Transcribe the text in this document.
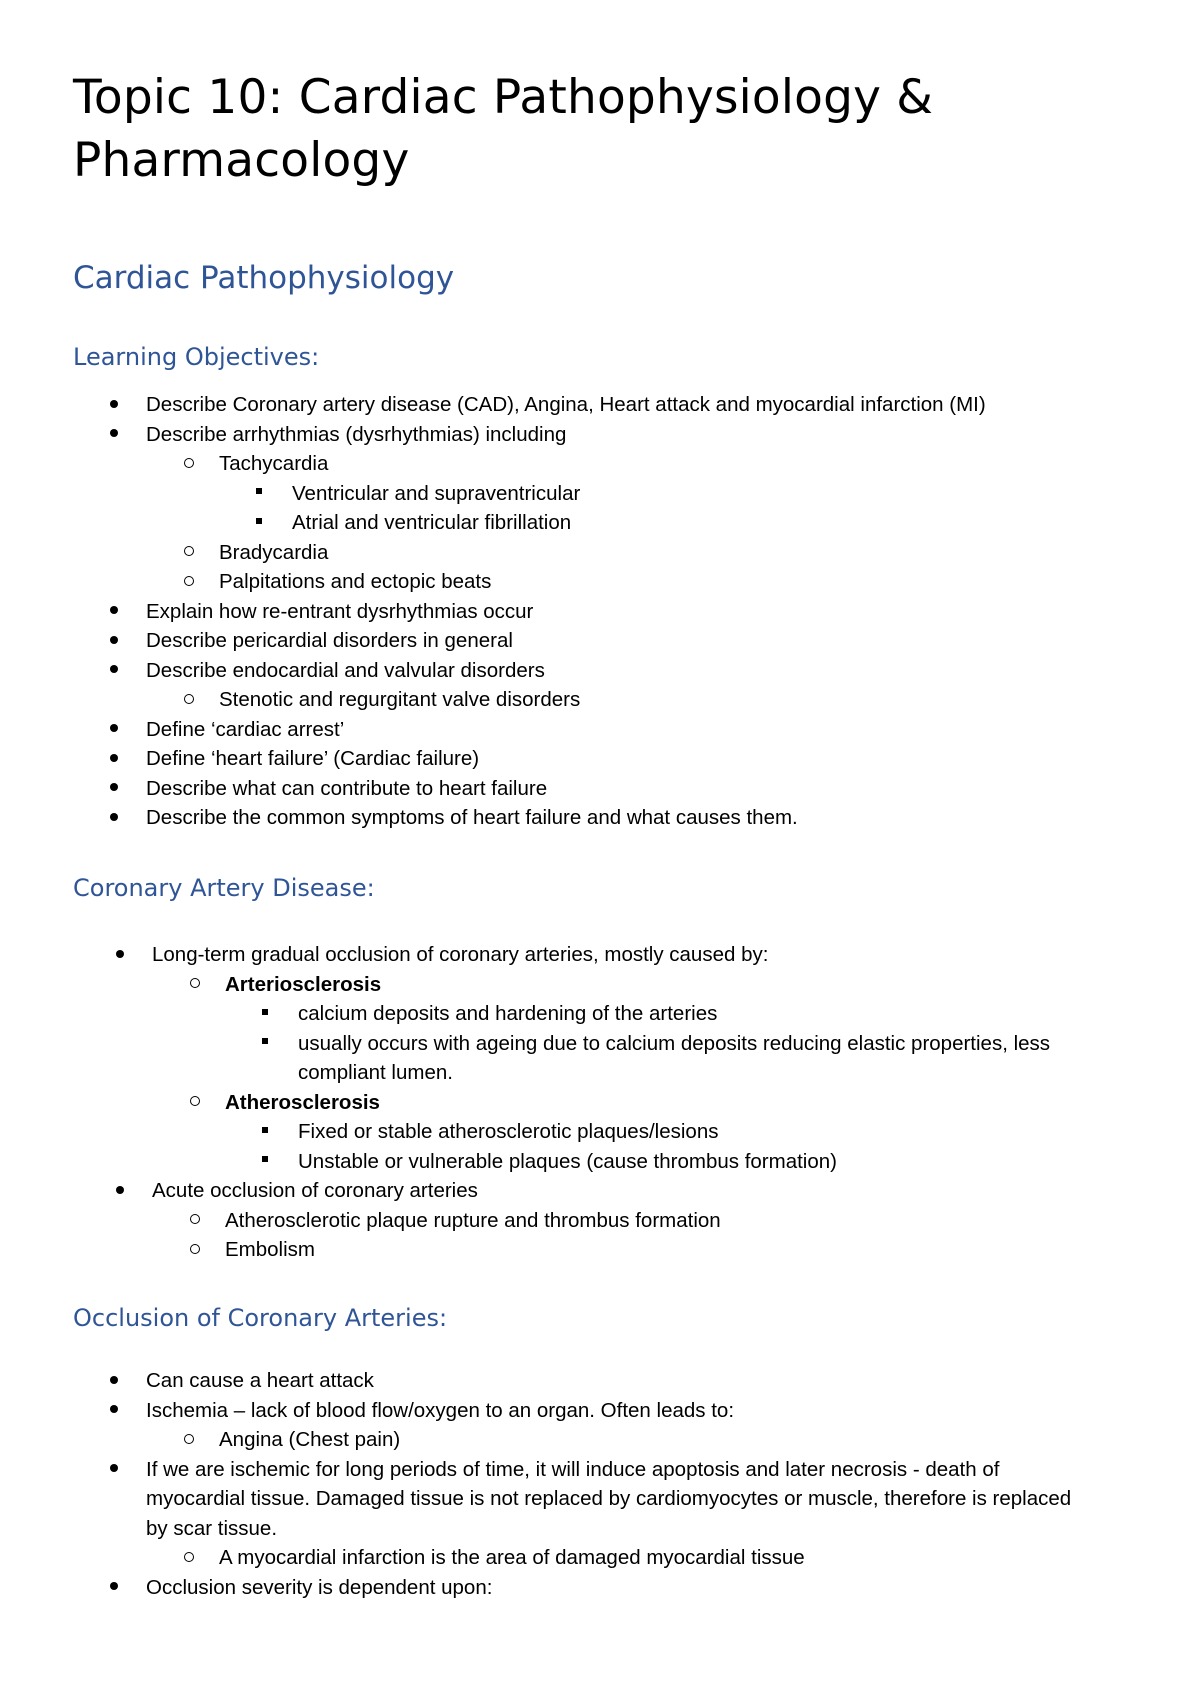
Topic 10: Cardiac Pathophysiology & Pharmacology
Cardiac Pathophysiology
Learning Objectives:
Describe Coronary artery disease (CAD), Angina, Heart attack and myocardial infarction (MI)
Describe arrhythmias (dysrhythmias) including
Tachycardia
Ventricular and supraventricular
Atrial and ventricular fibrillation
Bradycardia
Palpitations and ectopic beats
Explain how re-entrant dysrhythmias occur
Describe pericardial disorders in general
Describe endocardial and valvular disorders
Stenotic and regurgitant valve disorders
Define ‘cardiac arrest’
Define ‘heart failure’ (Cardiac failure)
Describe what can contribute to heart failure
Describe the common symptoms of heart failure and what causes them.
Coronary Artery Disease:
Long-term gradual occlusion of coronary arteries, mostly caused by:
Arteriosclerosis
calcium deposits and hardening of the arteries
usually occurs with ageing due to calcium deposits reducing elastic properties, less compliant lumen.
Atherosclerosis
Fixed or stable atherosclerotic plaques/lesions
Unstable or vulnerable plaques (cause thrombus formation)
Acute occlusion of coronary arteries
Atherosclerotic plaque rupture and thrombus formation
Embolism
Occlusion of Coronary Arteries:
Can cause a heart attack
Ischemia – lack of blood flow/oxygen to an organ. Often leads to:
Angina (Chest pain)
If we are ischemic for long periods of time, it will induce apoptosis and later necrosis - death of myocardial tissue. Damaged tissue is not replaced by cardiomyocytes or muscle, therefore is replaced by scar tissue.
A myocardial infarction is the area of damaged myocardial tissue
Occlusion severity is dependent upon:
